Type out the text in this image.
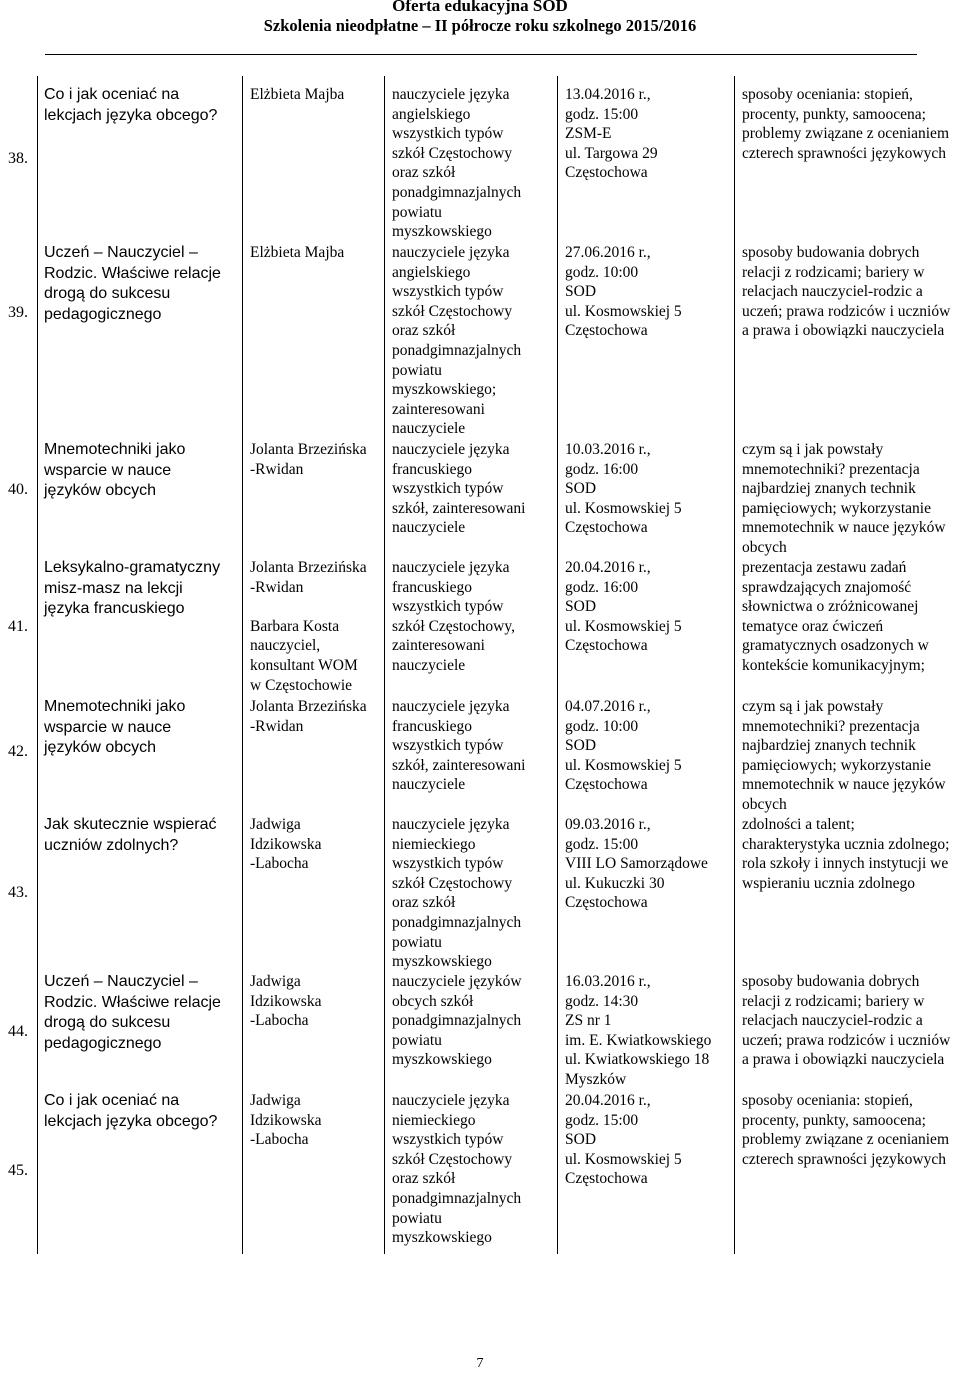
Oferta edukacyjna SOD
Szkolenia nieodpłatne – II półrocze roku szkolnego 2015/2016
38.
Co i jak oceniać na
lekcjach języka obcego?
Elżbieta Majba	nauczyciele języka
angielskiego
wszystkich typów
szkół Częstochowy
oraz szkół
ponadgimnazjalnych
powiatu
myszkowskiego
13.04.2016 r.,
godz. 15:00
ZSM-E
ul. Targowa 29
Częstochowa
sposoby oceniania: stopień, procenty, punkty, samoocena; problemy związane z ocenianiem czterech sprawności językowych
39.
Uczeń – Nauczyciel –
Rodzic. Właściwe relacje
drogą do sukcesu
pedagogicznego
Elżbieta Majba	nauczyciele języka
angielskiego
wszystkich typów
szkół Częstochowy
oraz szkół
ponadgimnazjalnych
powiatu
myszkowskiego;
zainteresowani
nauczyciele
27.06.2016 r.,
godz. 10:00
SOD
ul. Kosmowskiej 5
Częstochowa
sposoby budowania dobrych relacji z rodzicami; bariery w relacjach nauczyciel-rodzic a uczeń; prawa rodziców i uczniów a prawa i obowiązki nauczyciela
40.
Mnemotechniki jako
wsparcie w nauce
języków obcych
Jolanta Brzezińska
-Rwidan
nauczyciele języka
francuskiego
wszystkich typów
szkół, zainteresowani
nauczyciele
10.03.2016 r.,
godz. 16:00
SOD
ul. Kosmowskiej 5
Częstochowa
czym są i jak powstały mnemotechniki? prezentacja najbardziej znanych technik pamięciowych; wykorzystanie mnemotechnik w nauce języków obcych
41.
Leksykalno-gramatyczny
misz-masz na lekcji
języka francuskiego
Jolanta Brzezińska
-Rwidan

Barbara Kosta
nauczyciel,
konsultant WOM
w Częstochowie
nauczyciele języka
francuskiego
wszystkich typów
szkół Częstochowy,
zainteresowani
nauczyciele
20.04.2016 r.,
godz. 16:00
SOD
ul. Kosmowskiej 5
Częstochowa
prezentacja zestawu zadań sprawdzających znajomość słownictwa o zróżnicowanej tematyce oraz ćwiczeń gramatycznych osadzonych w kontekście komunikacyjnym;
42.
Mnemotechniki jako
wsparcie w nauce
języków obcych
Jolanta Brzezińska
-Rwidan
nauczyciele języka
francuskiego
wszystkich typów
szkół, zainteresowani
nauczyciele
04.07.2016 r.,
godz. 10:00
SOD
ul. Kosmowskiej 5
Częstochowa
czym są i jak powstały mnemotechniki? prezentacja najbardziej znanych technik pamięciowych; wykorzystanie mnemotechnik w nauce języków obcych
43.
Jak skutecznie wspierać
uczniów zdolnych?
Jadwiga
Idzikowska
-Labocha
nauczyciele języka
niemieckiego
wszystkich typów
szkół Częstochowy
oraz szkół
ponadgimnazjalnych
powiatu
myszkowskiego
09.03.2016 r.,
godz. 15:00
VIII LO Samorządowe
ul. Kukuczki 30
Częstochowa
zdolności a talent; charakterystyka ucznia zdolnego; rola szkoły i innych instytucji we wspieraniu ucznia zdolnego
44.
Uczeń – Nauczyciel –
Rodzic. Właściwe relacje
drogą do sukcesu
pedagogicznego
Jadwiga
Idzikowska
-Labocha
nauczyciele języków
obcych szkół
ponadgimnazjalnych
powiatu
myszkowskiego
16.03.2016 r.,
godz. 14:30
ZS nr 1
im. E. Kwiatkowskiego
ul. Kwiatkowskiego 18
Myszków
sposoby budowania dobrych relacji z rodzicami; bariery w relacjach nauczyciel-rodzic a uczeń; prawa rodziców i uczniów a prawa i obowiązki nauczyciela
45.
Co i jak oceniać na
lekcjach języka obcego?
Jadwiga
Idzikowska
-Labocha
nauczyciele języka
niemieckiego
wszystkich typów
szkół Częstochowy
oraz szkół
ponadgimnazjalnych
powiatu
myszkowskiego
20.04.2016 r.,
godz. 15:00
SOD
ul. Kosmowskiej 5
Częstochowa
sposoby oceniania: stopień, procenty, punkty, samoocena; problemy związane z ocenianiem czterech sprawności językowych
7
